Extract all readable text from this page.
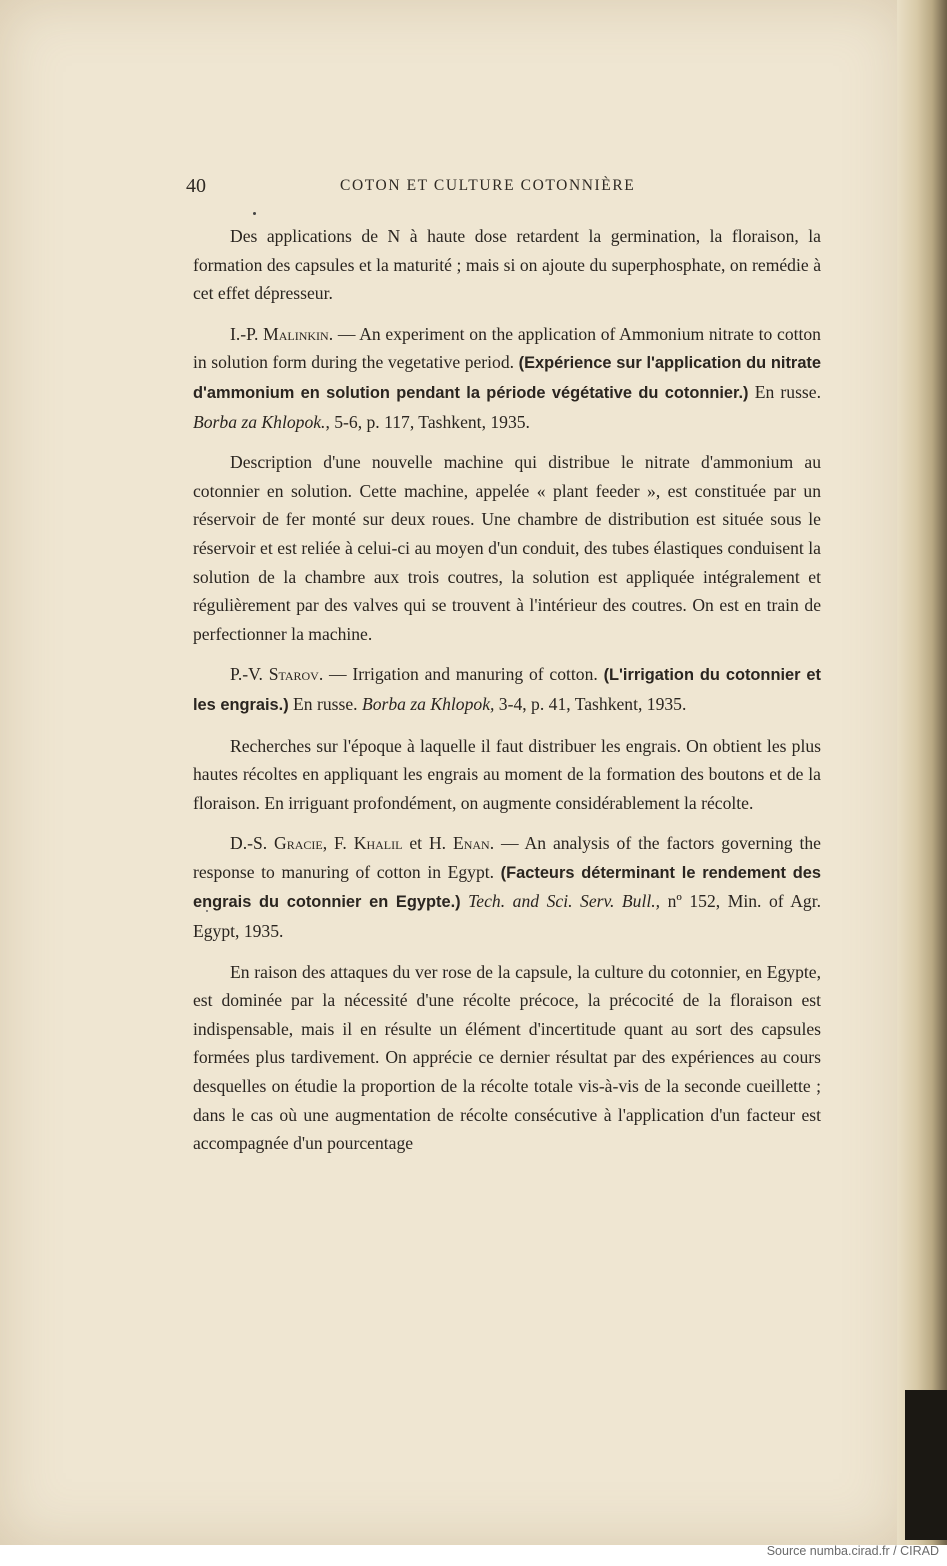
40	COTON ET CULTURE COTONNIÈRE

Des applications de N à haute dose retardent la germination, la floraison, la formation des capsules et la maturité ; mais si on ajoute du superphosphate, on remédie à cet effet dépresseur.

I.-P. Malinkin. — An experiment on the application of Ammonium nitrate to cotton in solution form during the vegetative period. (Expérience sur l'application du nitrate d'ammonium en solution pendant la période végétative du cotonnier.) En russe. Borba za Khlopok., 5-6, p. 117, Tashkent, 1935.

Description d'une nouvelle machine qui distribue le nitrate d'ammonium au cotonnier en solution. Cette machine, appelée « plant feeder », est constituée par un réservoir de fer monté sur deux roues. Une chambre de distribution est située sous le réservoir et est reliée à celui-ci au moyen d'un conduit, des tubes élastiques conduisent la solution de la chambre aux trois coutres, la solution est appliquée intégralement et régulièrement par des valves qui se trouvent à l'intérieur des coutres. On est en train de perfectionner la machine.

P.-V. Starov. — Irrigation and manuring of cotton. (L'irrigation du cotonnier et les engrais.) En russe. Borba za Khlopok, 3-4, p. 41, Tashkent, 1935.

Recherches sur l'époque à laquelle il faut distribuer les engrais. On obtient les plus hautes récoltes en appliquant les engrais au moment de la formation des boutons et de la floraison. En irriguant profondément, on augmente considérablement la récolte.

D.-S. Gracie, F. Khalil et H. Enan. — An analysis of the factors governing the response to manuring of cotton in Egypt. (Facteurs déterminant le rendement des engrais du cotonnier en Egypte.) Tech. and Sci. Serv. Bull., nº 152, Min. of Agr. Egypt, 1935.

En raison des attaques du ver rose de la capsule, la culture du cotonnier, en Egypte, est dominée par la nécessité d'une récolte précoce, la précocité de la floraison est indispensable, mais il en résulte un élément d'incertitude quant au sort des capsules formées plus tardivement. On apprécie ce dernier résultat par des expériences au cours desquelles on étudie la proportion de la récolte totale vis-à-vis de la seconde cueillette ; dans le cas où une augmentation de récolte consécutive à l'application d'un facteur est accompagnée d'un pourcentage

Source numba.cirad.fr / CIRAD
